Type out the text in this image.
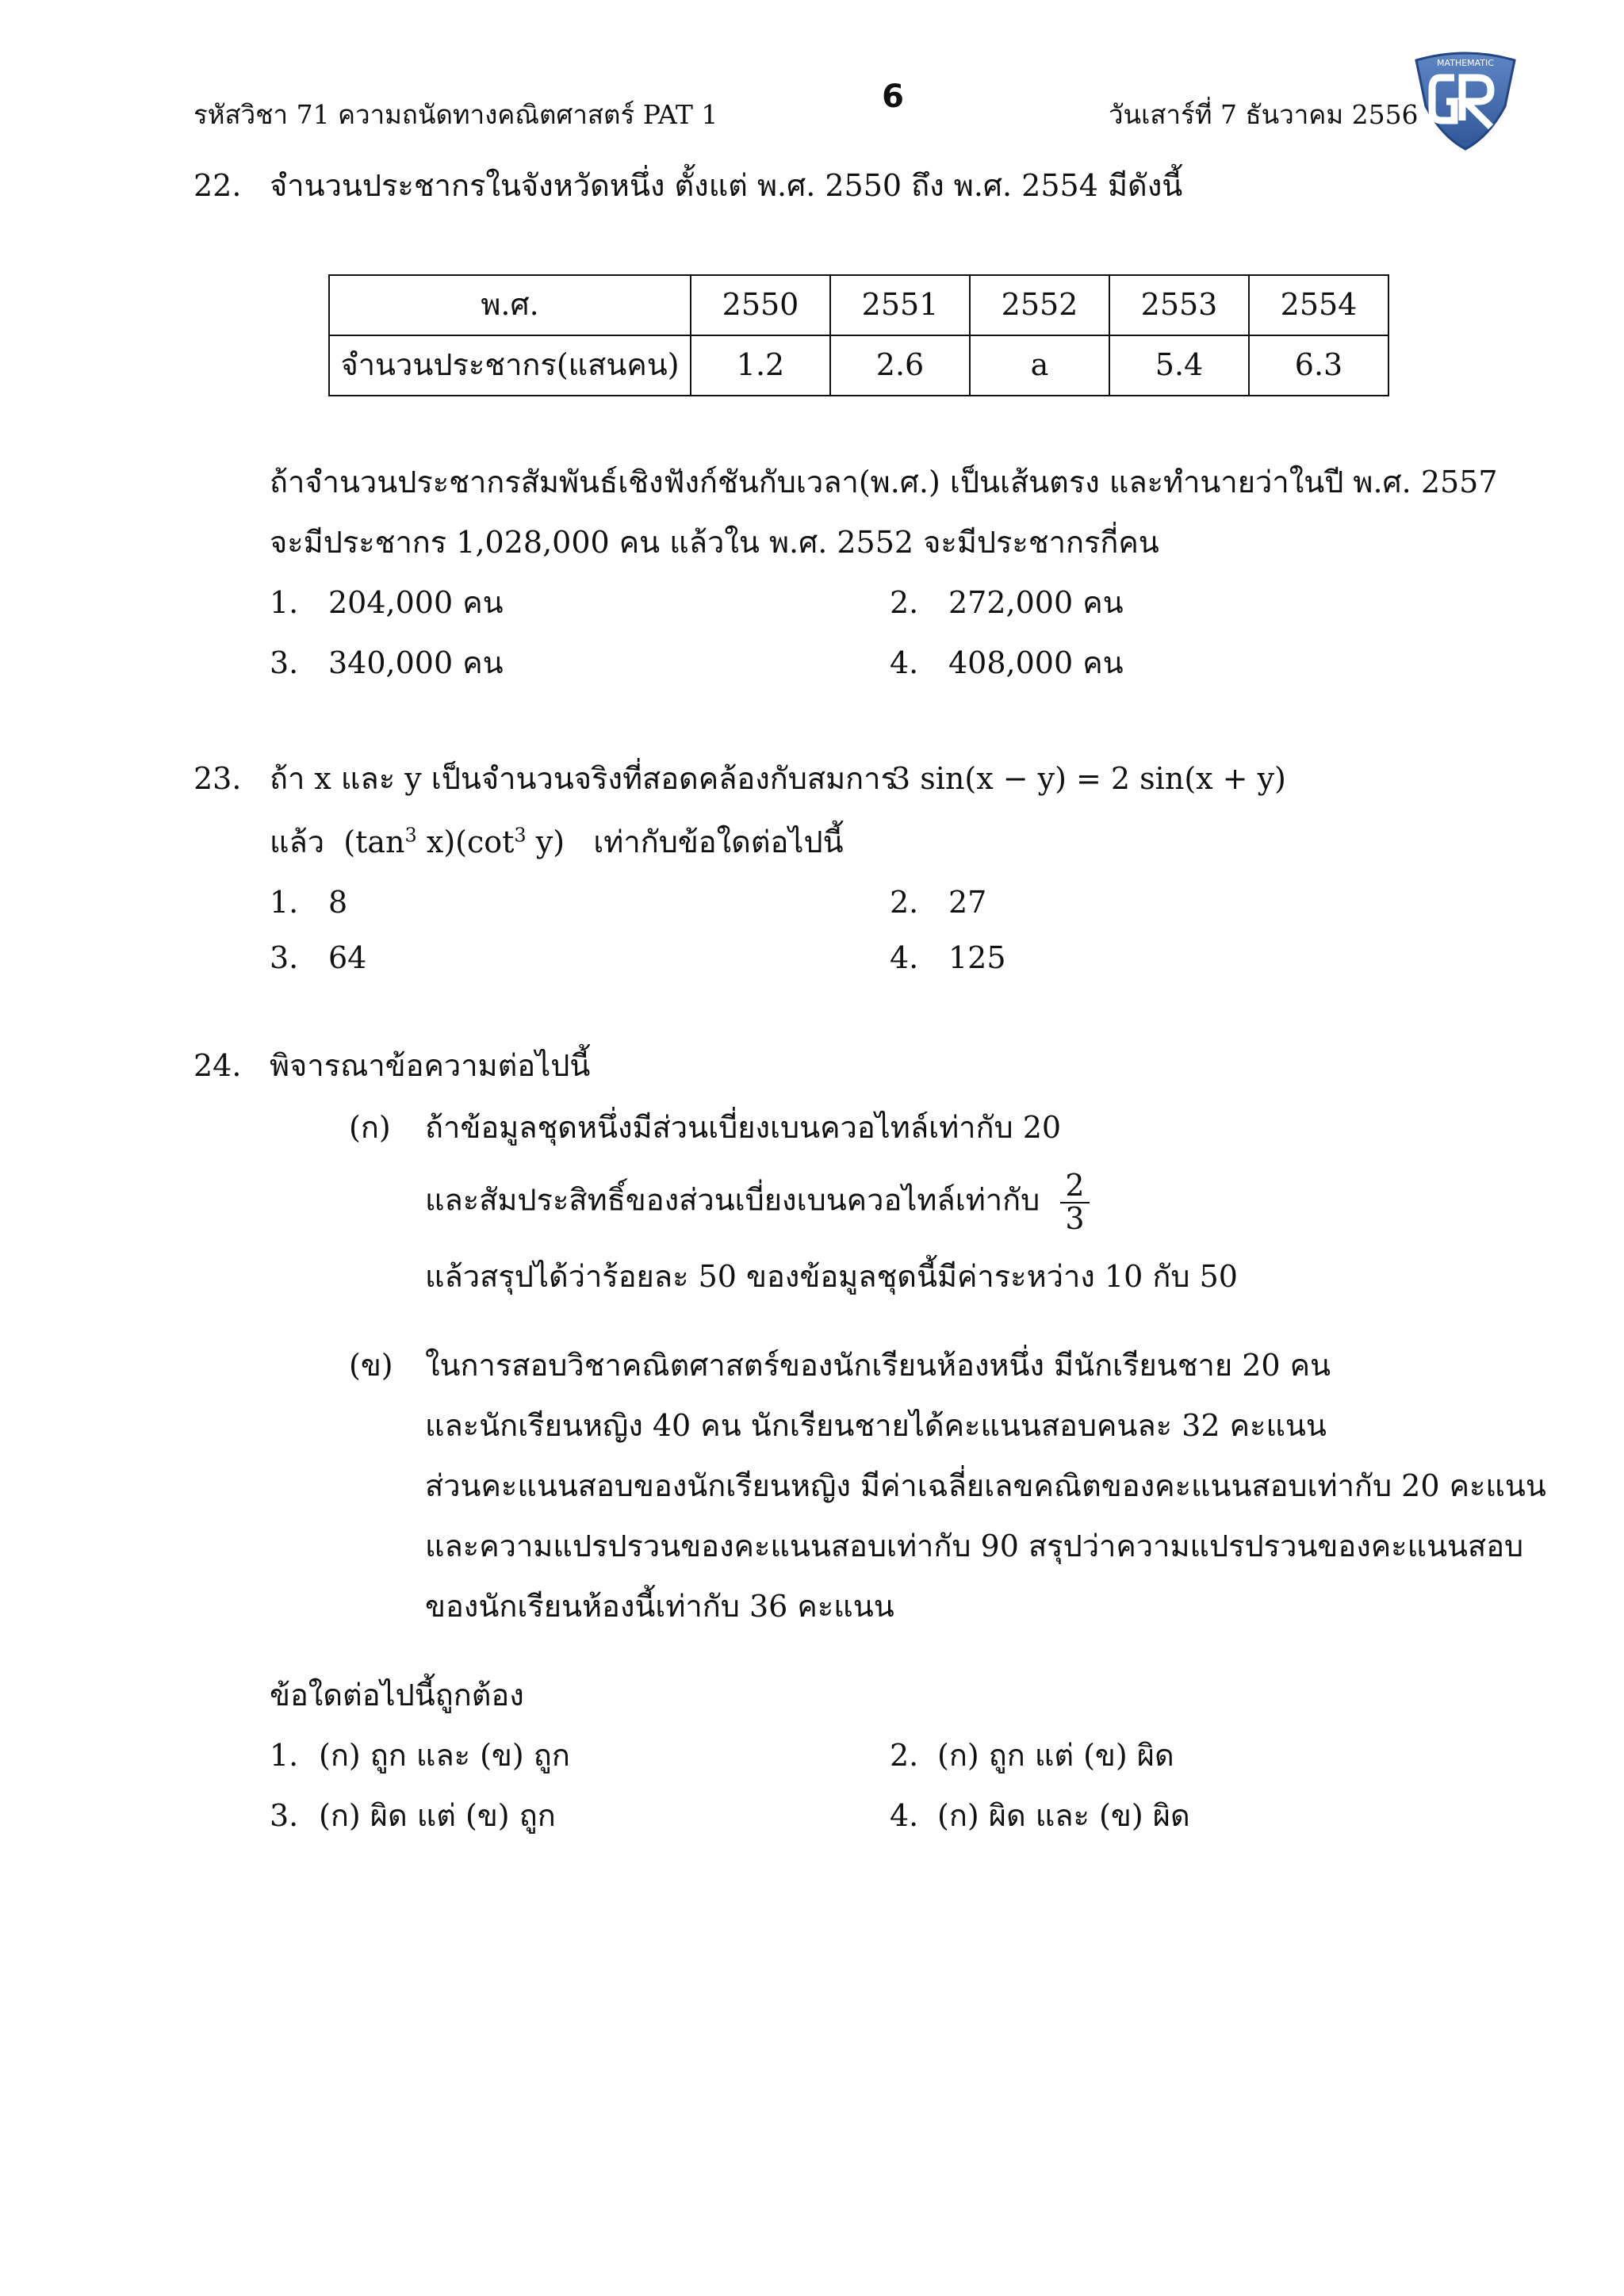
รหัสวิชา 71 ความถนัดทางคณิตศาสตร์ PAT 1	6	วันเสาร์ที่ 7 ธันวาคม 2556
MATHEMATIC
22. จำนวนประชากรในจังหวัดหนึ่ง ตั้งแต่ พ.ศ. 2550 ถึง พ.ศ. 2554 มีดังนี้
พ.ศ.	2550	2551	2552	2553	2554
จำนวนประชากร(แสนคน)	1.2	2.6	a	5.4	6.3
ถ้าจำนวนประชากรสัมพันธ์เชิงฟังก์ชันกับเวลา(พ.ศ.) เป็นเส้นตรง และทำนายว่าในปี พ.ศ. 2557
จะมีประชากร 1,028,000 คน แล้วใน พ.ศ. 2552 จะมีประชากรกี่คน
1. 204,000 คน	2. 272,000 คน
3. 340,000 คน	4. 408,000 คน
23. ถ้า x และ y เป็นจำนวนจริงที่สอดคล้องกับสมการ
3 sin(x − y) = 2 sin(x + y)
แล้ว ($\tan^3$ $x)(\cot^3$ y) เท่ากับข้อใดต่อไปนี้
1. 8	2. 27
3. 64	4. 125
24. พิจารณาข้อความต่อไปนี้
(ก) ถ้าข้อมูลชุดหนึ่งมีส่วนเบี่ยงเบนควอไทล์เท่ากับ 20
และสัมประสิทธิ์ของส่วนเบี่ยงเบนควอไทล์เท่ากับ $\frac{2}{3}$
แล้วสรุปได้ว่าร้อยละ 50 ของข้อมูลชุดนี้มีค่าระหว่าง 10 กับ 50
(ข) ในการสอบวิชาคณิตศาสตร์ของนักเรียนห้องหนึ่ง มีนักเรียนชาย 20 คน
และนักเรียนหญิง 40 คน นักเรียนชายได้คะแนนสอบคนละ 32 คะแนน
ส่วนคะแนนสอบของนักเรียนหญิง มีค่าเฉลี่ยเลขคณิตของคะแนนสอบเท่ากับ 20 คะแนน
และความแปรปรวนของคะแนนสอบเท่ากับ 90 สรุปว่าความแปรปรวนของคะแนนสอบ
ของนักเรียนห้องนี้เท่ากับ 36 คะแนน
ข้อใดต่อไปนี้ถูกต้อง
1. (ก) ถูก และ (ข) ถูก	2. (ก) ถูก แต่ (ข) ผิด
3. (ก) ผิด แต่ (ข) ถูก	4. (ก) ผิด และ (ข) ผิด
